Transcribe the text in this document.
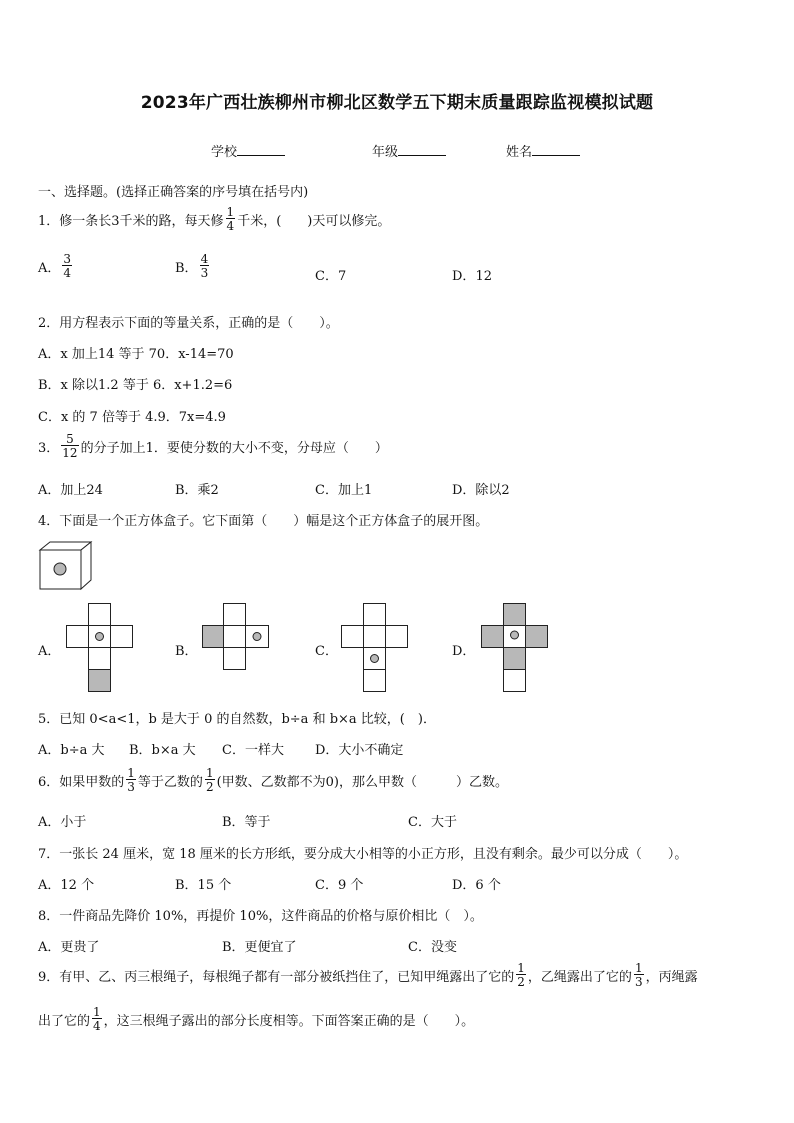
2023年广西壮族柳州市柳北区数学五下期末质量跟踪监视模拟试题
学校	年级	姓名
一、选择题。(选择正确答案的序号填在括号内)
1．修一条长3千米的路，每天修 $\frac{1}{4}$ 千米，(　　)天可以修完。
A． $\frac{3}{4}$	B． $\frac{4}{3}$	C．7	D．12
2．用方程表示下面的等量关系，正确的是（　　）。
A．x 加上14 等于 70．x-14=70
B．x 除以1.2 等于 6．x+1.2=6
C．x 的 7 倍等于 4.9．7x=4.9
3． $\frac{5}{12}$ 的分子加上1．要使分数的大小不变，分母应（　　）
A．加上24	B．乘2	C．加上1	D．除以2
4．下面是一个正方体盒子。它下面第（　　）幅是这个正方体盒子的展开图。
A．	B．	C．	D．
5．已知 0<a<1，b 是大于 0 的自然数，b÷a 和 b×a 比较，(　)．
A．b÷a 大 B．b×a 大 C．一样大 D．大小不确定
6．如果甲数的 $\frac{1}{3}$ 等于乙数的 $\frac{1}{2}$ (甲数、乙数都不为0)，那么甲数（　　　）乙数。
A．小于	B．等于	C．大于
7．一张长 24 厘米，宽 18 厘米的长方形纸，要分成大小相等的小正方形，且没有剩余。最少可以分成（　　）。
A．12 个	B．15 个	C．9 个	D．6 个
8．一件商品先降价 10%，再提价 10%，这件商品的价格与原价相比（　）。
A．更贵了	B．更便宜了	C．没变
9．有甲、乙、丙三根绳子，每根绳子都有一部分被纸挡住了，已知甲绳露出了它的 $\frac{1}{2}$ ，乙绳露出了它的 $\frac{1}{3}$ ，丙绳露
出了它的 $\frac{1}{4}$ ，这三根绳子露出的部分长度相等。下面答案正确的是（　　）。
